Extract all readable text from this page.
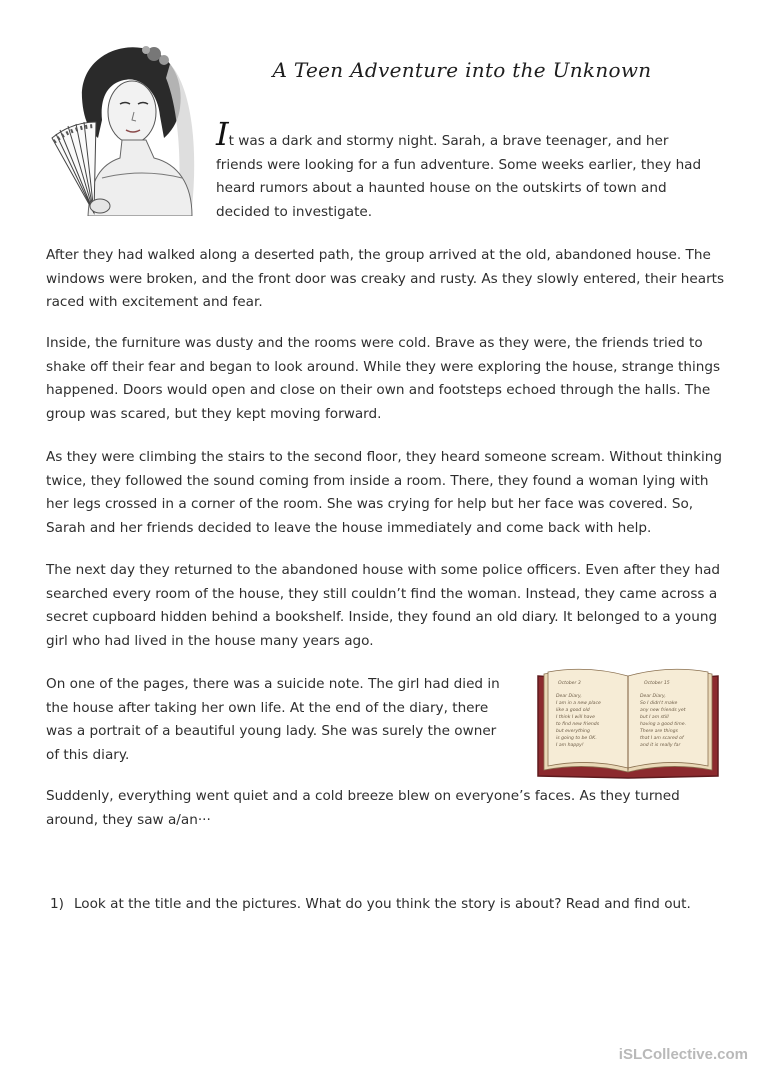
A Teen Adventure into the Unknown

It was a dark and stormy night. Sarah, a brave teenager, and her friends were looking for a fun adventure. Some weeks earlier, they had heard rumors about a haunted house on the outskirts of town and decided to investigate.

After they had walked along a deserted path, the group arrived at the old, abandoned house. The windows were broken, and the front door was creaky and rusty. As they slowly entered, their hearts raced with excitement and fear.

Inside, the furniture was dusty and the rooms were cold. Brave as they were, the friends tried to shake off their fear and began to look around. While they were exploring the house, strange things happened. Doors would open and close on their own and footsteps echoed through the halls. The group was scared, but they kept moving forward.

As they were climbing the stairs to the second floor, they heard someone scream. Without thinking twice, they followed the sound coming from inside a room. There, they found a woman lying with her legs crossed in a corner of the room. She was crying for help but her face was covered. So, Sarah and her friends decided to leave the house immediately and come back with help.

The next day they returned to the abandoned house with some police officers. Even after they had searched every room of the house, they still couldn’t find the woman. Instead, they came across a secret cupboard hidden behind a bookshelf. Inside, they found an old diary. It belonged to a young girl who had lived in the house many years ago.

On one of the pages, there was a suicide note. The girl had died in the house after taking her own life. At the end of the diary, there was a portrait of a beautiful young lady. She was surely the owner of this diary.

October 3
Dear Diary,
I am in a new place
like a good old
I think I will have
to find new friends
but everything
is going to be OK.
I am happy!
October 15
Dear Diary,
So I didn't make
any new friends yet
but I am still
having a good time.
There are things
that I am scared of
and it is really far

Suddenly, everything went quiet and a cold breeze blew on everyone’s faces. As they turned around, they saw a/an···

1) Look at the title and the pictures. What do you think the story is about? Read and find out.
iSLCollective.com
